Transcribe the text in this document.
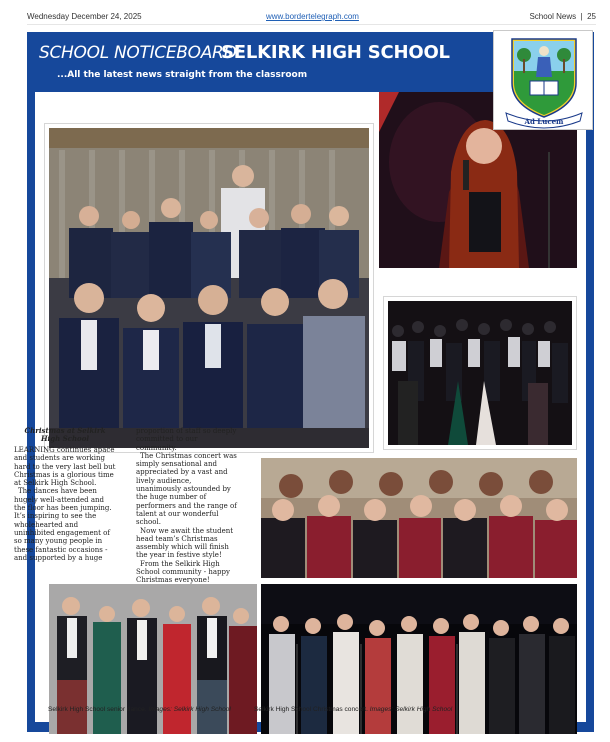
Wednesday December 24, 2025	www.bordertelegraph.com	School News  |  25
SCHOOL NOTICEBOARD:
SELKIRK HIGH SCHOOL
...All the latest news straight from the classroom
Ad Lucem
Christmas at Selkirk High School

LEARNING continues apace and students are working hard to the very last bell but Christmas is a glorious time at Selkirk High School.

The dances have been hugely well-attended and the floor has been jumping. It’s inspiring to see the wholehearted and uninhibited engagement of so many young people in these fantastic occasions - and supported by a huge

proportion of staff so deeply committed to our community.

The Christmas concert was simply sensational and appreciated by a vast and lively audience, unanimously astounded by the huge number of performers and the range of talent at our wonderful school.

Now we await the student head team’s Christmas assembly which will finish the year in festive style!

From the Selkirk High School community - happy Christmas everyone!

Selkirk High School senior dance. Images: Selkirk High School	Selkirk High School Christmas concert. Images: Selkirk High School
